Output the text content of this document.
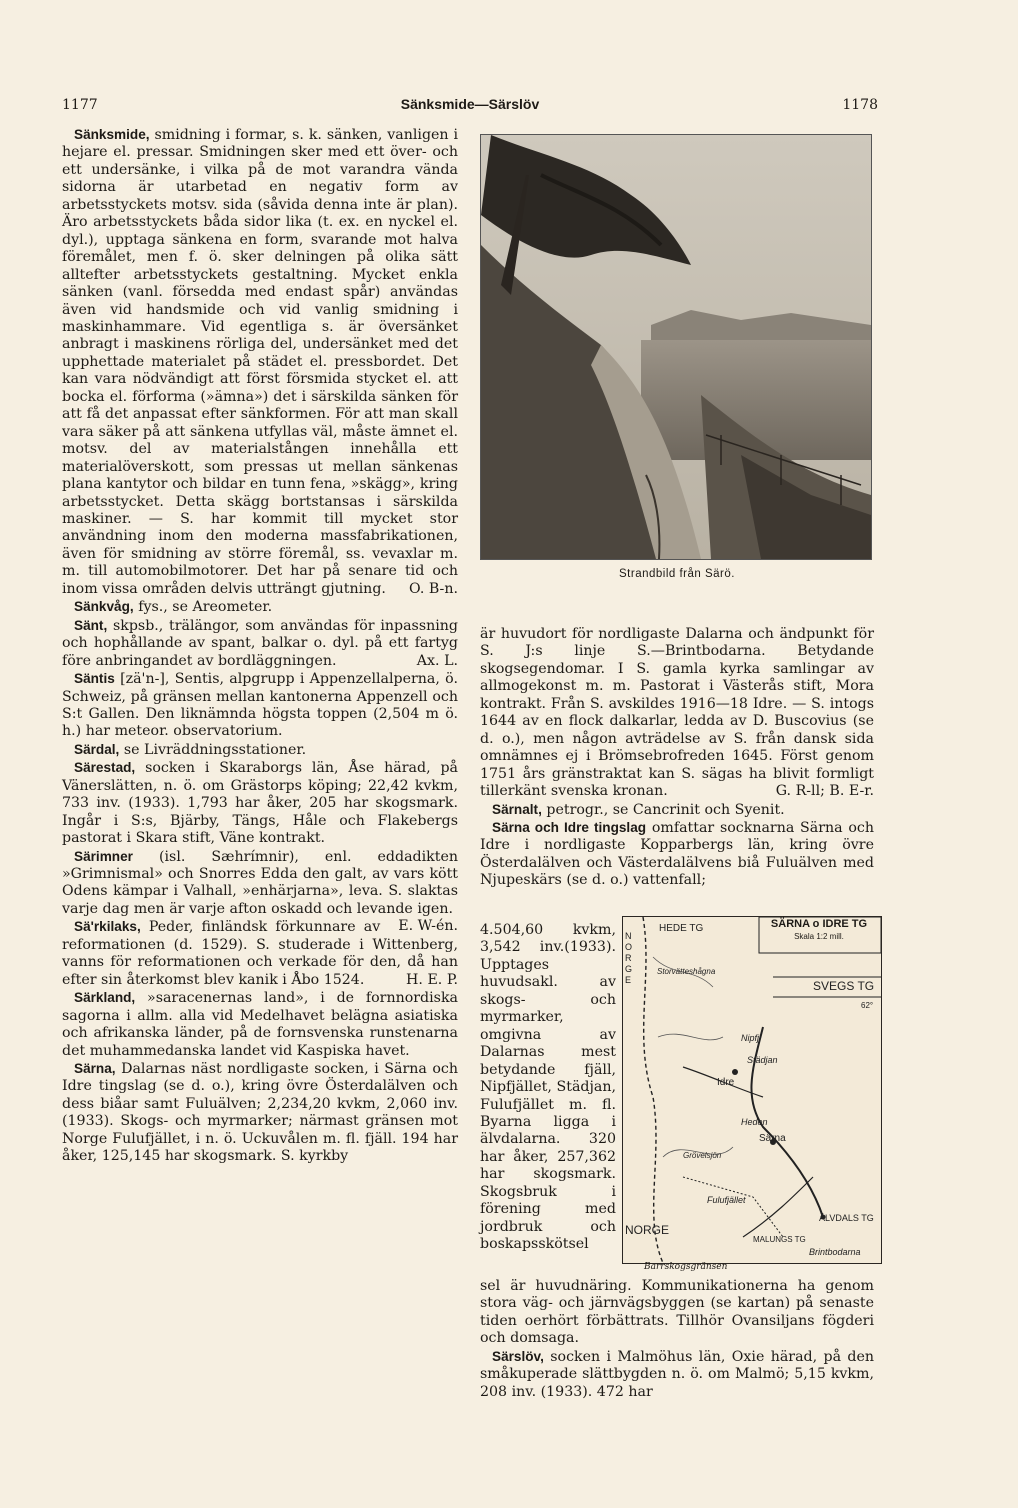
1177	Sänksmide—Särslöv	1178

Sänksmide, smidning i formar, s. k. sänken, vanligen i hejare el. pressar. Smidningen sker med ett över- och ett undersänke, i vilka på de mot varandra vända sidorna är utarbetad en negativ form av arbetsstyckets motsv. sida (såvida denna inte är plan). Äro arbetsstyckets båda sidor lika (t. ex. en nyckel el. dyl.), upptaga sänkena en form, svarande mot halva föremålet, men f. ö. sker delningen på olika sätt alltefter arbetsstyckets gestaltning. Mycket enkla sänken (vanl. försedda med endast spår) användas även vid handsmide och vid vanlig smidning i maskinhammare. Vid egentliga s. är översänket anbragt i maskinens rörliga del, undersänket med det upphettade materialet på städet el. pressbordet. Det kan vara nödvändigt att först försmida stycket el. att bocka el. förforma (»ämna») det i särskilda sänken för att få det anpassat efter sänkformen. För att man skall vara säker på att sänkena utfyllas väl, måste ämnet el. motsv. del av materialstången innehålla ett materialöverskott, som pressas ut mellan sänkenas plana kantytor och bildar en tunn fena, »skägg», kring arbetsstycket. Detta skägg bortstansas i särskilda maskiner. — S. har kommit till mycket stor användning inom den moderna massfabrikationen, även för smidning av större föremål, ss. vevaxlar m. m. till automobilmotorer. Det har på senare tid och inom vissa områden delvis utträngt gjutning.	O. B-n.

Sänkvåg, fys., se Areometer.

Sänt, skpsb., trälängor, som användas för inpassning och hophållande av spant, balkar o. dyl. på ett fartyg före anbringandet av bordläggningen.	Ax. L.

Säntis [zä'n-], Sentis, alpgrupp i Appenzellalperna, ö. Schweiz, på gränsen mellan kantonerna Appenzell och S:t Gallen. Den liknämnda högsta toppen (2,504 m ö. h.) har meteor. observatorium.

Särdal, se Livräddningsstationer.

Särestad, socken i Skaraborgs län, Åse härad, på Vänerslätten, n. ö. om Grästorps köping; 22,42 kvkm, 733 inv. (1933). 1,793 har åker, 205 har skogsmark. Ingår i S:s, Bjärby, Tängs, Håle och Flakebergs pastorat i Skara stift, Väne kontrakt.

Särimner (isl. Sæhrímnir), enl. eddadikten »Grimnismal» och Snorres Edda den galt, av vars kött Odens kämpar i Valhall, »enhärjarna», leva. S. slaktas varje dag men är varje afton oskadd och levande igen.
E. W-én.

Sä'rkilaks, Peder, finländsk förkunnare av reformationen (d. 1529). S. studerade i Wittenberg, vanns för reformationen och verkade för den, då han efter sin återkomst blev kanik i Åbo 1524.	H. E. P.

Särkland, »saracenernas land», i de fornnordiska sagorna i allm. alla vid Medelhavet belägna asiatiska och afrikanska länder, på de fornsvenska runstenarna det muhammedanska landet vid Kaspiska havet.

Särna, Dalarnas näst nordligaste socken, i Särna och Idre tingslag (se d. o.), kring övre Österdalälven och dess biåar samt Fuluälven; 2,234,20 kvkm, 2,060 inv. (1933). Skogs- och myrmarker; närmast gränsen mot Norge Fulufjället, i n. ö. Uckuvålen m. fl. fjäll. 194 har åker, 125,145 har skogsmark. S. kyrkby

Strandbild från Särö.

är huvudort för nordligaste Dalarna och ändpunkt för S. J:s linje S.—Brintbodarna. Betydande skogsegendomar. I S. gamla kyrka samlingar av allmogekonst m. m. Pastorat i Västerås stift, Mora kontrakt. Från S. avskildes 1916—18 Idre. — S. intogs 1644 av en flock dalkarlar, ledda av D. Buscovius (se d. o.), men någon avträdelse av S. från dansk sida omnämnes ej i Brömsebrofreden 1645. Först genom 1751 års gränstraktat kan S. sägas ha blivit formligt tillerkänt svenska kronan.	G. R-ll; B. E-r.

Särnalt, petrogr., se Cancrinit och Syenit.

Särna och Idre tingslag omfattar socknarna Särna och Idre i nordligaste Kopparbergs län, kring övre Österdalälven och Västerdalälvens biå Fuluälven med Njupeskärs (se d. o.) vattenfall;

4.504,60 kvkm, 3,542 inv.(1933). Upptages huvudsakl. av skogs- och myrmarker, omgivna av Dalarnas mest betydande fjäll, Nipfjället, Städjan, Fulufjället m. fl. Byarna ligga i älvdalarna. 320 har åker, 257,362 har skogsmark. Skogsbruk i förening med jordbruk och boskapsskötsel
HEDE TG
SVEGS TG
NORGE
NORGE
Storvätteshågna
Nipfj.
Städjan
Idre
Heden
Särna
Grövelsjön
Fulufjället
ÄLVDALS TG
MALUNGS TG
Brintbodarna
62°
SÄRNA o IDRE TG
Skala 1:2 mill.
Barrskogsgränsen

sel är huvudnäring. Kommunikationerna ha genom stora väg- och järnvägsbyggen (se kartan) på senaste tiden oerhört förbättrats. Tillhör Ovansiljans fögderi och domsaga.

Särslöv, socken i Malmöhus län, Oxie härad, på den småkuperade slättbygden n. ö. om Malmö; 5,15 kvkm, 208 inv. (1933). 472 har
